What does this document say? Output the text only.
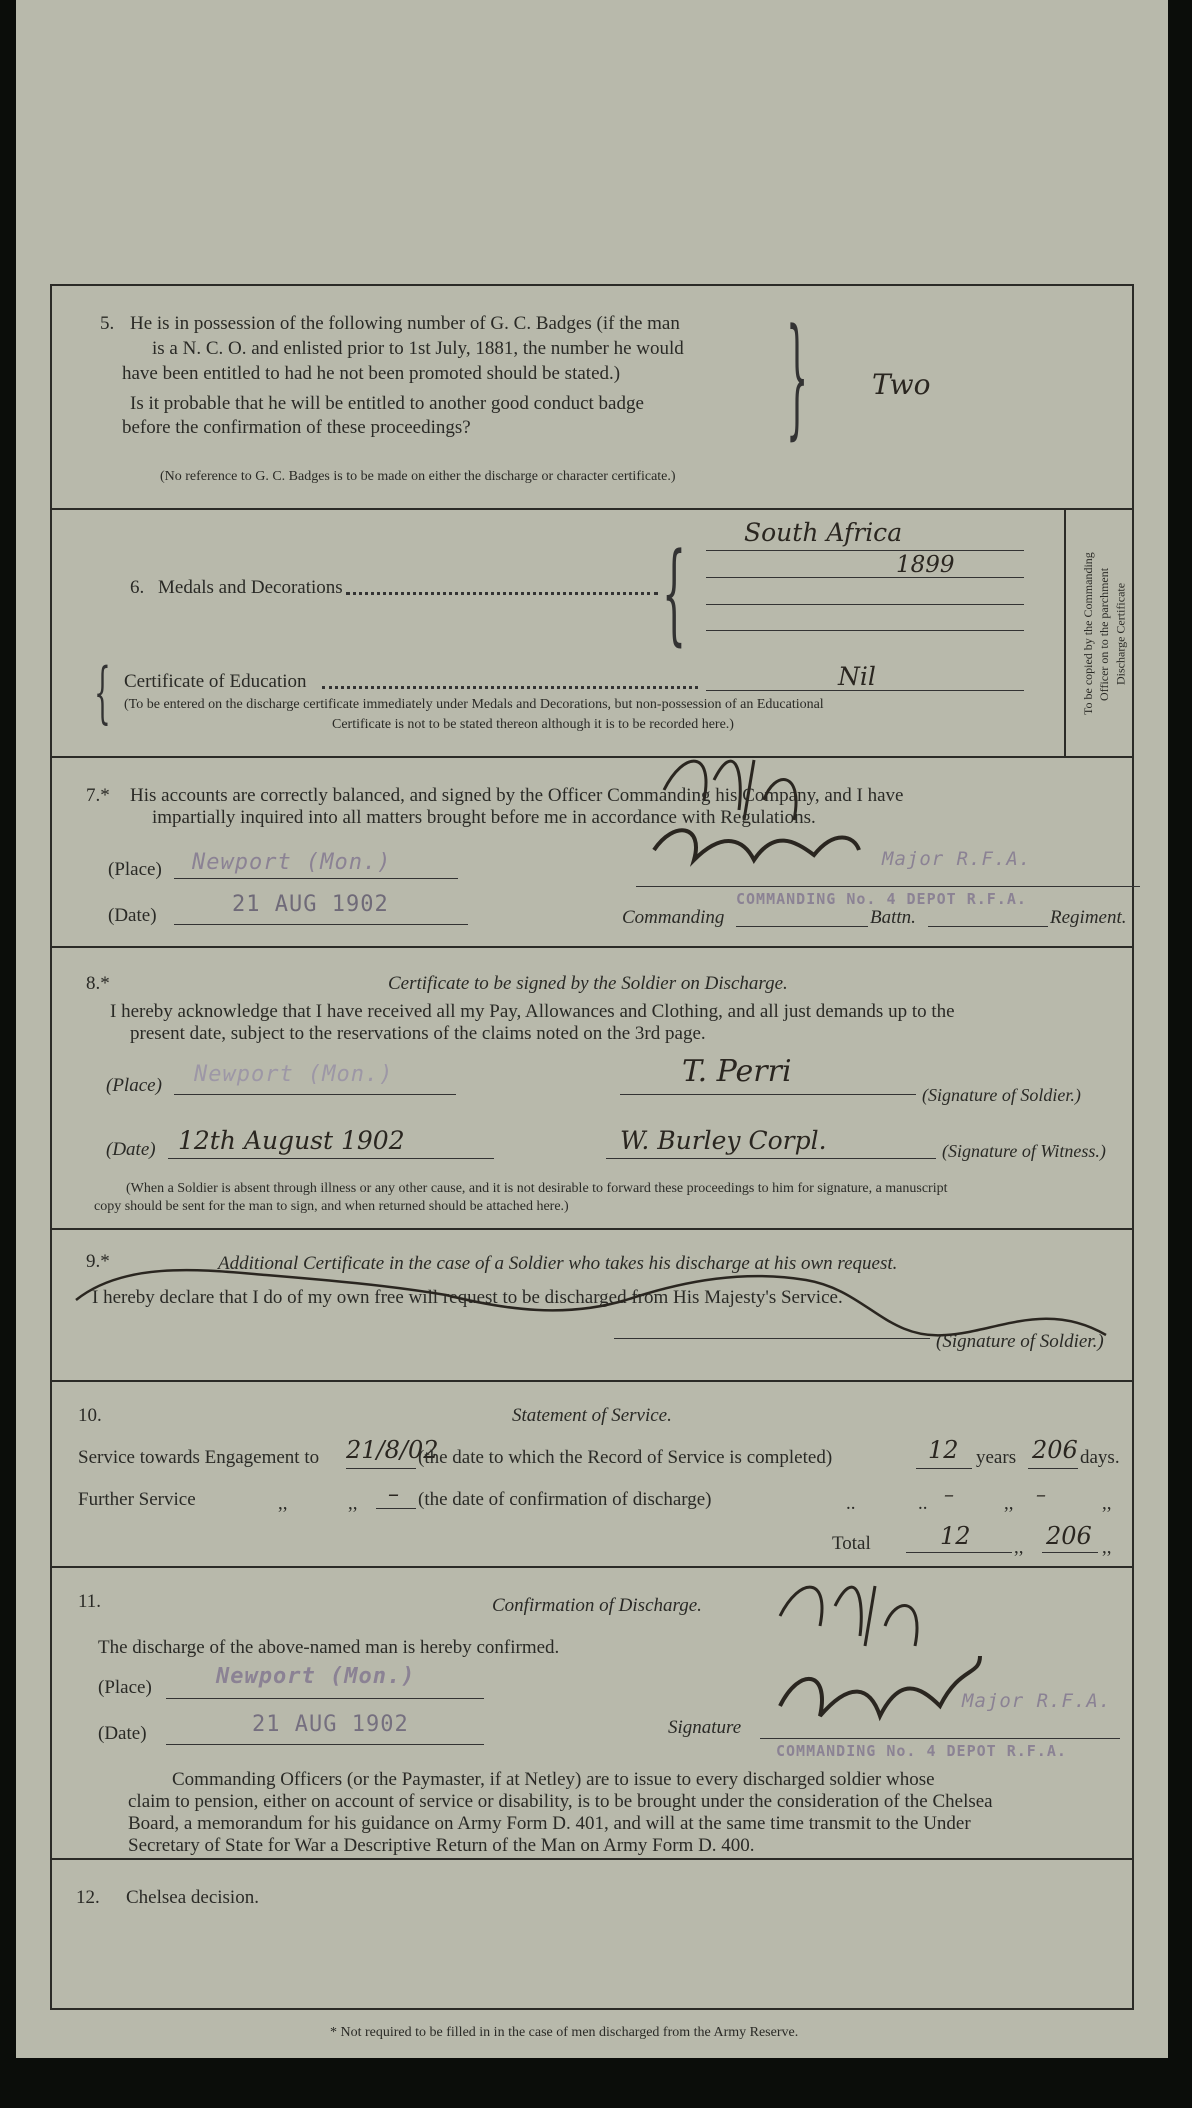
5. He is in possession of the following number of G. C. Badges (if the man
is a N. C. O. and enlisted prior to 1st July, 1881, the number he would
have been entitled to had he not been promoted should be stated.)
Is it probable that he will be entitled to another good conduct badge
before the confirmation of these proceedings?	} Two
(No reference to G. C. Badges is to be made on either the discharge or character certificate.)
6. Medals and Decorations	{ South Africa
1899
{ Certificate of Education	Nil
(To be entered on the discharge certificate immediately under Medals and Decorations, but non-possession of an Educational
Certificate is not to be stated thereon although it is to be recorded here.)
To be copied by the Commanding Officer on to the parchment Discharge Certificate
7.* His accounts are correctly balanced, and signed by the Officer Commanding his Company, and I have
impartially inquired into all matters brought before me in accordance with Regulations.
(Place) Newport (Mon.)
(Date)	21 AUG 1902
Major R.F.A.
COMMANDING No. 4 DEPOT R.F.A.
Commanding	Battn.	Regiment.
8.*	Certificate to be signed by the Soldier on Discharge.
I hereby acknowledge that I have received all my Pay, Allowances and Clothing, and all just demands up to the
present date, subject to the reservations of the claims noted on the 3rd page.
(Place) Newport (Mon.)	T. Perri
(Signature of Soldier.)
(Date) 12th August 1902	W. Burley Corpl.	(Signature of Witness.)
(When a Soldier is absent through illness or any other cause, and it is not desirable to forward these proceedings to him for signature, a manuscript
copy should be sent for the man to sign, and when returned should be attached here.)
9.*	Additional Certificate in the case of a Soldier who takes his discharge at his own request.
I hereby declare that I do of my own free will request to be discharged from His Majesty's Service.
(Signature of Soldier.)
10.	Statement of Service.
Service towards Engagement to 21/8/02
(the date to which the Record of Service is completed)	12 years 206 days.
Further Service	,,	,, – (the date of confirmation of discharge)	..	.. –	,, –	,,
Total	12 ,, 206 ,,
11.	Confirmation of Discharge.
The discharge of the above-named man is hereby confirmed.
(Place)	Newport (Mon.)
(Date)	21 AUG 1902	Signature
Major R.F.A.
COMMANDING No. 4 DEPOT R.F.A.
Commanding Officers (or the Paymaster, if at Netley) are to issue to every discharged soldier whose
claim to pension, either on account of service or disability, is to be brought under the consideration of the Chelsea
Board, a memorandum for his guidance on Army Form D. 401, and will at the same time transmit to the Under
Secretary of State for War a Descriptive Return of the Man on Army Form D. 400.
12. Chelsea decision.
* Not required to be filled in in the case of men discharged from the Army Reserve.
